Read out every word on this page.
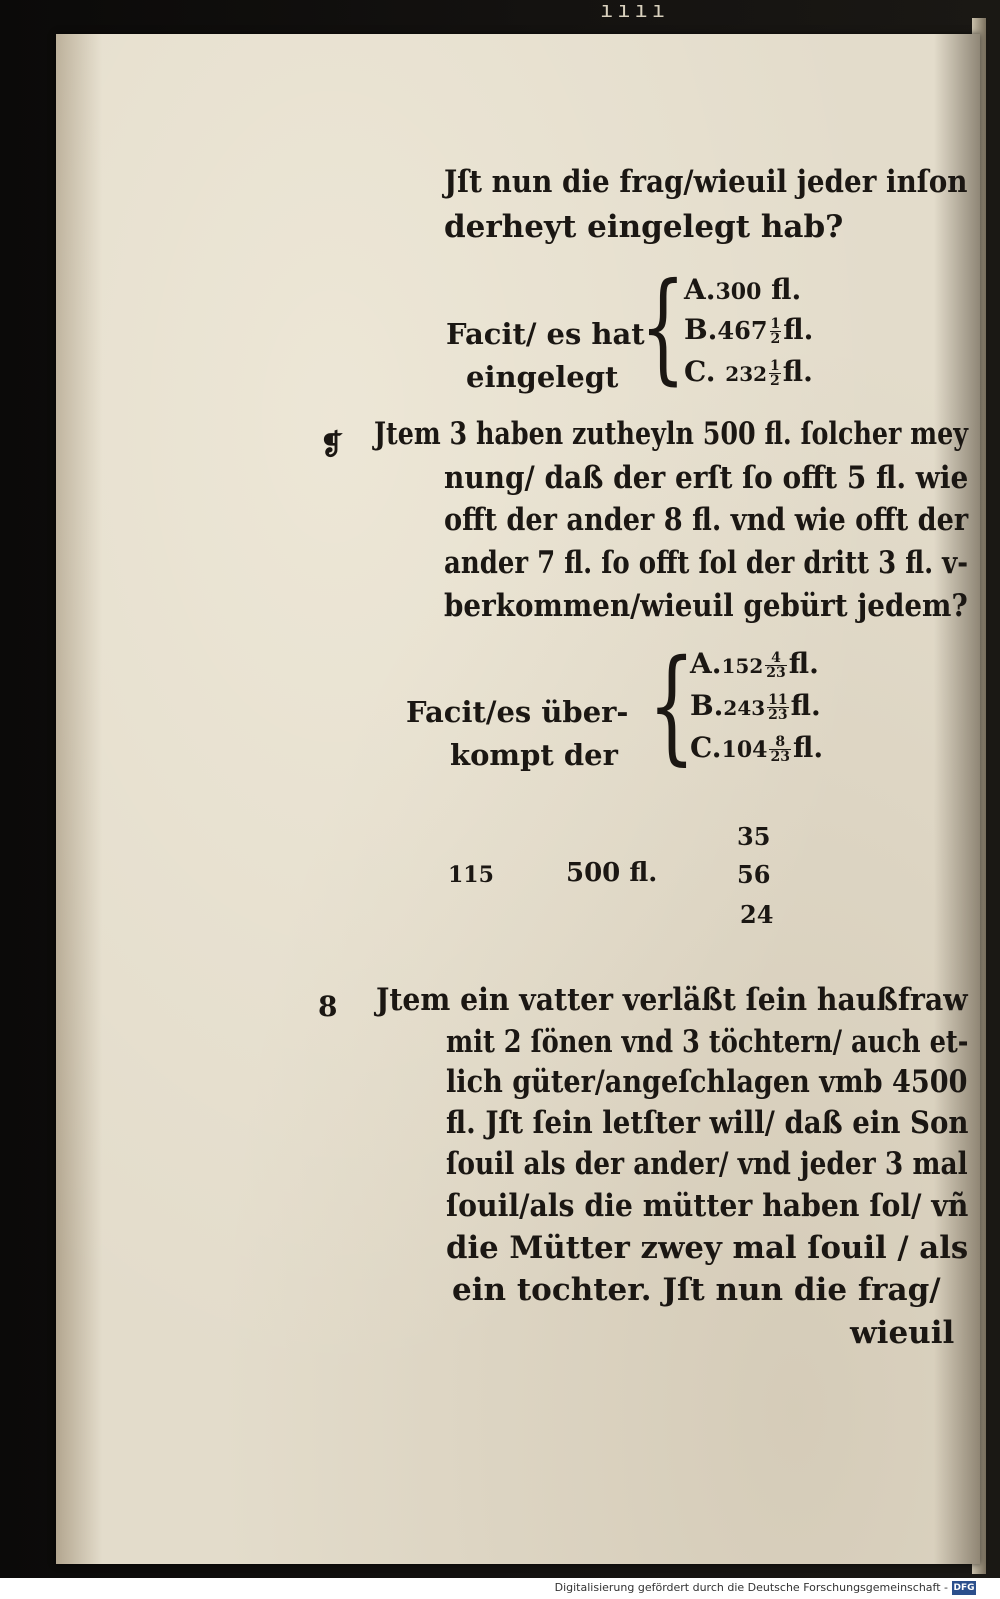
ıııı
Jſt nun die frag/wieuil jeder inſon
derheyt eingelegt hab?
Facit/ es hat
eingelegt {
A.300 fl.
$B.467 \frac{1}{2}$ fl.
C. $232 \frac{1}{2}$ fl.
❡ Jtem 3 haben zutheyln 500 fl. ſolcher mey
nung/ daß der erſt ſo offt 5 fl. wie
offt der ander 8 fl. vnd wie offt der
ander 7 fl. ſo offt ſol der dritt 3 fl. v-
berkommen/wieuil gebürt jedem?
Facit/es über-
kompt der {
$A.152 \frac{4}{23}$ fl.
$B.243 \frac{11}{23}$ fl.
$C.104 \frac{8}{23}$ fl.
35
115	500 fl.	56
24
8 Jtem ein vatter verläßt ſein haußfraw
mit 2 ſönen vnd 3 töchtern/ auch et-
lich güter/angeſchlagen vmb 4500
fl. Jſt ſein letſter will/ daß ein Son
ſouil als der ander/ vnd jeder 3 mal
ſouil/als die mütter haben ſol/ vñ
die Mütter zwey mal ſouil / als
ein tochter. Jſt nun die frag/
wieuil
Digitalisierung gefördert durch die Deutsche Forschungsgemeinschaft - DFG
